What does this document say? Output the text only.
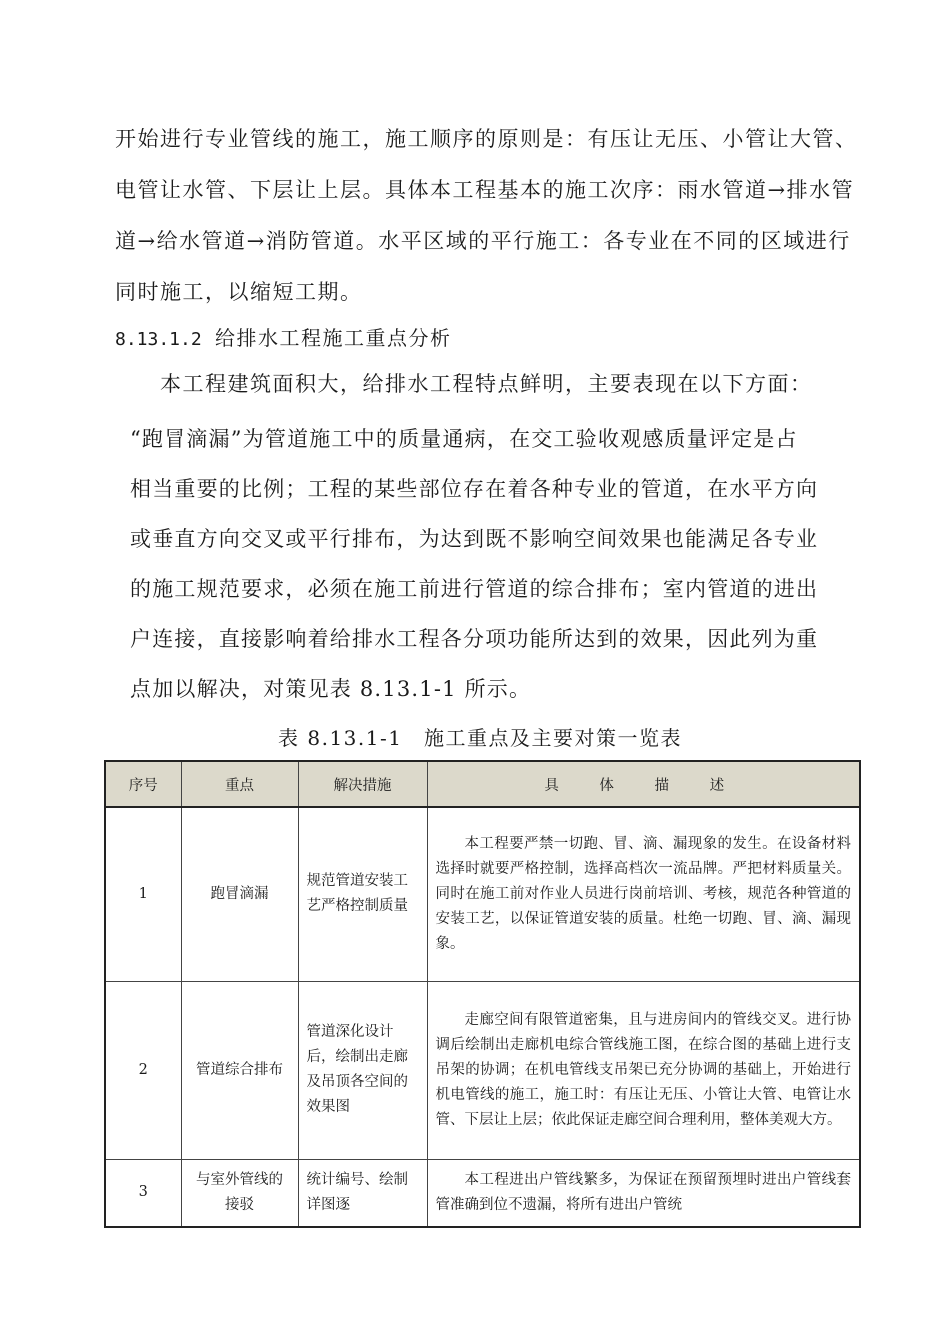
开始进行专业管线的施工，施工顺序的原则是：有压让无压、小管让大管、
电管让水管、下层让上层。具体本工程基本的施工次序：雨水管道→排水管
道→给水管道→消防管道。水平区域的平行施工：各专业在不同的区域进行
同时施工，以缩短工期。
8.13.1.2 给排水工程施工重点分析
本工程建筑面积大，给排水工程特点鲜明，主要表现在以下方面：
“跑冒滴漏”为管道施工中的质量通病，在交工验收观感质量评定是占
相当重要的比例；工程的某些部位存在着各种专业的管道，在水平方向
或垂直方向交叉或平行排布，为达到既不影响空间效果也能满足各专业
的施工规范要求，必须在施工前进行管道的综合排布；室内管道的进出
户连接，直接影响着给排水工程各分项功能所达到的效果，因此列为重
点加以解决，对策见表 8.13.1-1 所示。
表 8.13.1-1　施工重点及主要对策一览表
序号	重点	解决措施	具 体 描 述
1	跑冒滴漏	规范管道安装工艺严格控制质量	本工程要严禁一切跑、冒、滴、漏现象的发生。在设备材料选择时就要严格控制，选择高档次一流品牌。严把材料质量关。同时在施工前对作业人员进行岗前培训、考核，规范各种管道的安装工艺，以保证管道安装的质量。杜绝一切跑、冒、滴、漏现象。
2	管道综合排布	管道深化设计后，绘制出走廊及吊顶各空间的效果图	走廊空间有限管道密集，且与进房间内的管线交叉。进行协调后绘制出走廊机电综合管线施工图，在综合图的基础上进行支吊架的协调；在机电管线支吊架已充分协调的基础上，开始进行机电管线的施工，施工时：有压让无压、小管让大管、电管让水管、下层让上层；依此保证走廊空间合理利用，整体美观大方。
3	与室外管线的接驳	统计编号、绘制详图逐	本工程进出户管线繁多，为保证在预留预埋时进出户管线套管准确到位不遗漏，将所有进出户管统
